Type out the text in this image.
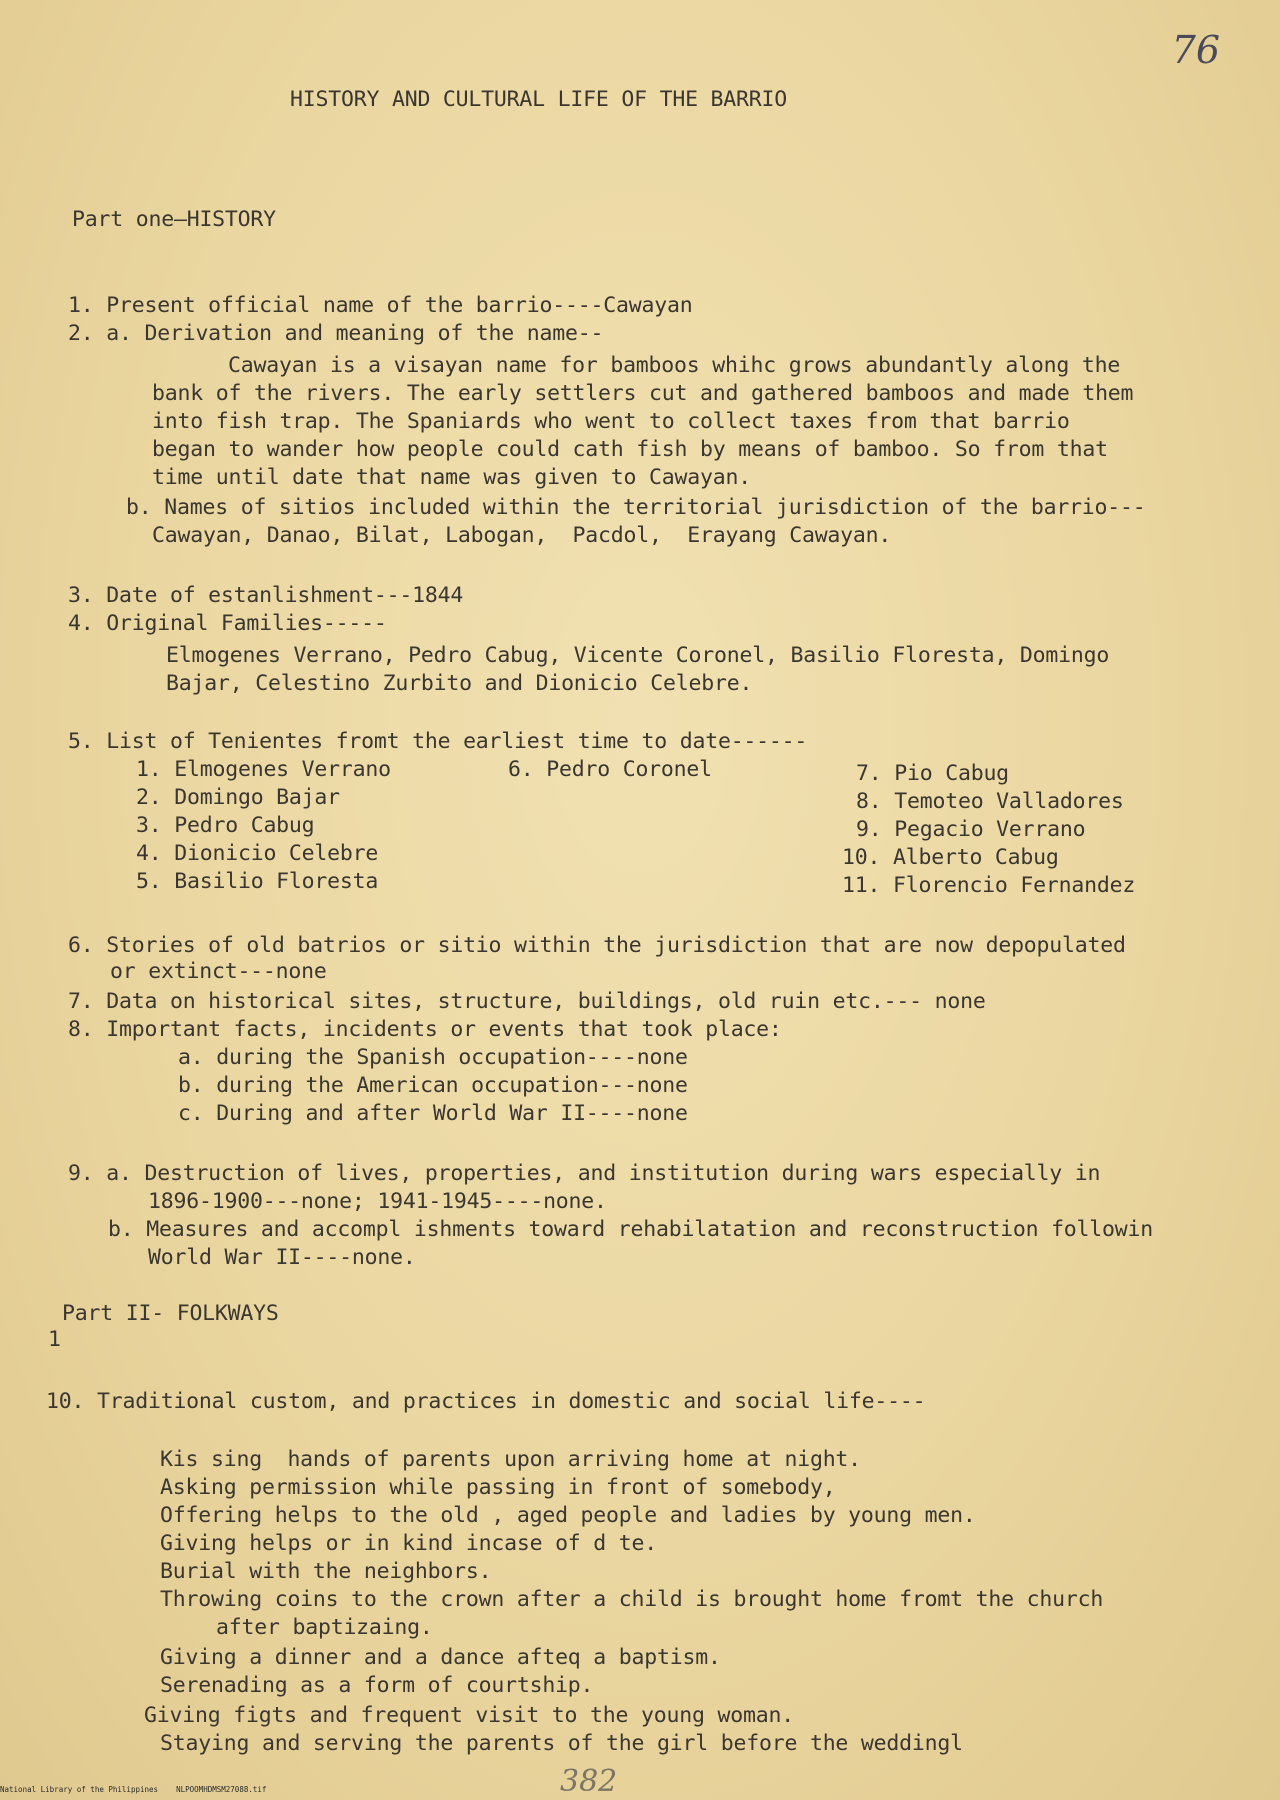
76
HISTORY AND CULTURAL LIFE OF THE BARRIO
Part one—HISTORY
1. Present official name of the barrio----Cawayan
2. a. Derivation and meaning of the name--
Cawayan is a visayan name for bamboos whihc grows abundantly along the
bank of the rivers. The early settlers cut and gathered bamboos and made them
into fish trap. The Spaniards who went to collect taxes from that barrio
began to wander how people could cath fish by means of bamboo. So from that
time until date that name was given to Cawayan.
b. Names of sitios included within the territorial jurisdiction of the barrio---
Cawayan, Danao, Bilat, Labogan,  Pacdol,  Erayang Cawayan.
3. Date of estanlishment---1844
4. Original Families-----
Elmogenes Verrano, Pedro Cabug, Vicente Coronel, Basilio Floresta, Domingo
Bajar, Celestino Zurbito and Dionicio Celebre.
5. List of Tenientes fromt the earliest time to date------
1. Elmogenes Verrano
2. Domingo Bajar
3. Pedro Cabug
4. Dionicio Celebre
5. Basilio Floresta
6. Pedro Coronel	7. Pio Cabug
8. Temoteo Valladores
9. Pegacio Verrano
10. Alberto Cabug
11. Florencio Fernandez
6. Stories of old batrios or sitio within the jurisdiction that are now depopulated
or extinct---none
7. Data on historical sites, structure, buildings, old ruin etc.--- none
8. Important facts, incidents or events that took place:
a. during the Spanish occupation----none
b. during the American occupation---none
c. During and after World War II----none
9. a. Destruction of lives, properties, and institution during wars especially in
1896-1900---none; 1941-1945----none.
b. Measures and accompl ishments toward rehabilatation and reconstruction followin
World War II----none.
Part II- FOLKWAYS
1
10. Traditional custom, and practices in domestic and social life----
Kis sing  hands of parents upon arriving home at night.
Asking permission while passing in front of somebody,
Offering helps to the old , aged people and ladies by young men.
Giving helps or in kind incase of d te.
Burial with the neighbors.
Throwing coins to the crown after a child is brought home fromt the church
after baptizaing.
Giving a dinner and a dance afteq a baptism.
Serenading as a form of courtship.
Giving figts and frequent visit to the young woman.
Staying and serving the parents of the girl before the weddingl
382
National Library of the Philippines    NLPOOMHDMSM27088.tif
